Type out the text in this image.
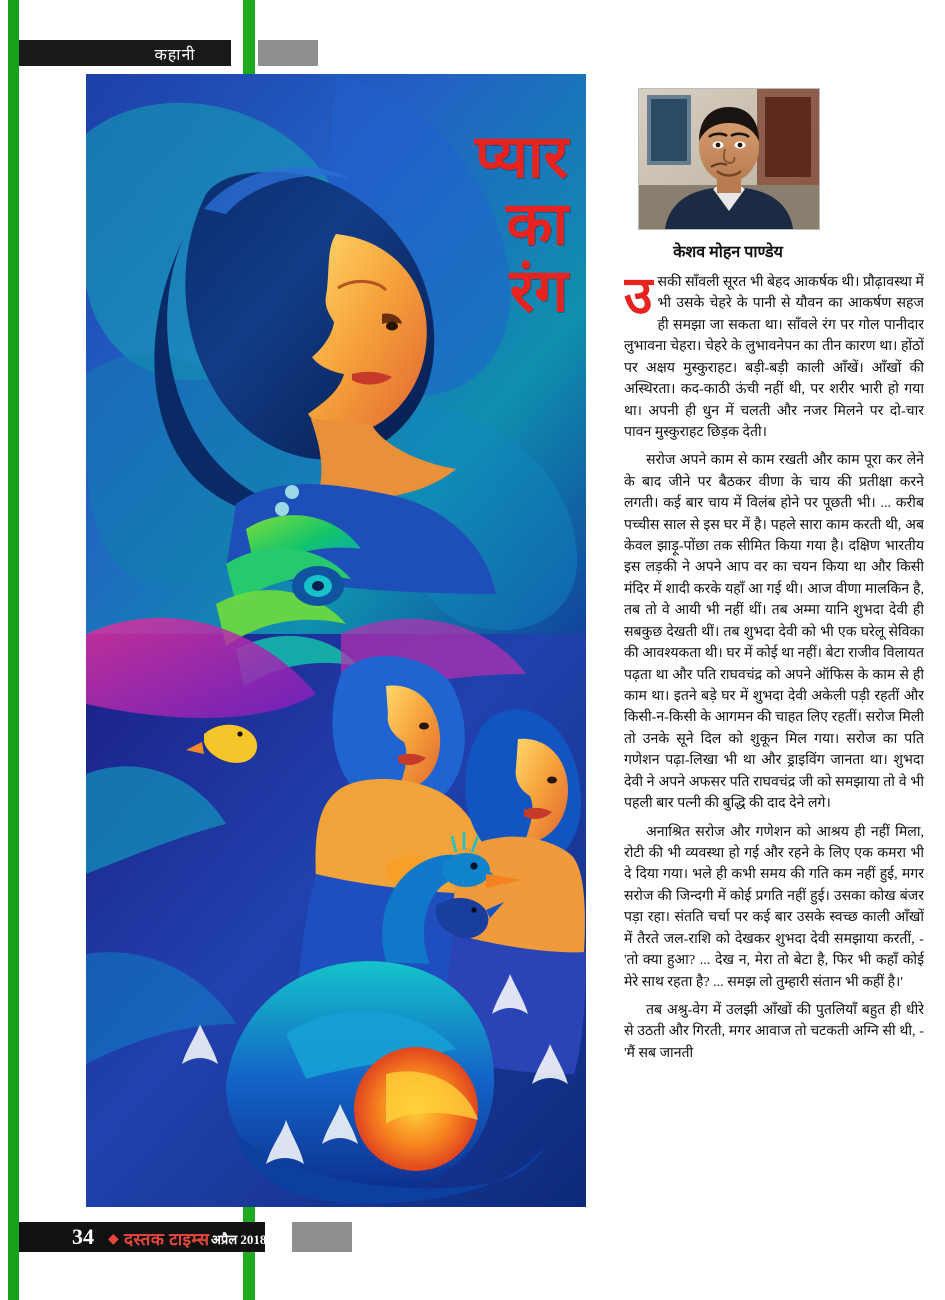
कहानी
प्यार
का
रंग
केशव मोहन पाण्डेय

उसकी साँवली सूरत भी बेहद आकर्षक थी। प्रौढ़ावस्था में भी उसके चेहरे के पानी से यौवन का आकर्षण सहज ही समझा जा सकता था। साँवले रंग पर गोल पानीदार लुभावना चेहरा। चेहरे के लुभावनेपन का तीन कारण था। होंठों पर अक्षय मुस्कुराहट। बड़ी-बड़ी काली आँखें। आँखों की अस्थिरता। कद-काठी ऊंची नहीं थी, पर शरीर भारी हो गया था। अपनी ही धुन में चलती और नजर मिलने पर दो-चार पावन मुस्कुराहट छिड़क देती।

सरोज अपने काम से काम रखती और काम पूरा कर लेने के बाद जीने पर बैठकर वीणा के चाय की प्रतीक्षा करने लगती। कई बार चाय में विलंब होने पर पूछती भी। ... करीब पच्चीस साल से इस घर में है। पहले सारा काम करती थी, अब केवल झाड़ू-पोंछा तक सीमित किया गया है। दक्षिण भारतीय इस लड़की ने अपने आप वर का चयन किया था और किसी मंदिर में शादी करके यहाँ आ गई थी। आज वीणा मालकिन है, तब तो वे आयी भी नहीं थीं। तब अम्मा यानि शुभदा देवी ही सबकुछ देखती थीं। तब शुभदा देवी को भी एक घरेलू सेविका की आवश्यकता थी। घर में कोई था नहीं। बेटा राजीव विलायत पढ़ता था और पति राघवचंद्र को अपने ऑफिस के काम से ही काम था। इतने बड़े घर में शुभदा देवी अकेली पड़ी रहतीं और किसी-न-किसी के आगमन की चाहत लिए रहतीं। सरोज मिली तो उनके सूने दिल को शुकून मिल गया। सरोज का पति गणेशन पढ़ा-लिखा भी था और ड्राइविंग जानता था। शुभदा देवी ने अपने अफसर पति राघवचंद्र जी को समझाया तो वे भी पहली बार पत्नी की बुद्धि की दाद देने लगे।

अनाश्रित सरोज और गणेशन को आश्रय ही नहीं मिला, रोटी की भी व्यवस्था हो गई और रहने के लिए एक कमरा भी दे दिया गया। भले ही कभी समय की गति कम नहीं हुई, मगर सरोज की जिन्दगी में कोई प्रगति नहीं हुई। उसका कोख बंजर पड़ा रहा। संतति चर्चा पर कई बार उसके स्वच्छ काली आँखों में तैरते जल-राशि को देखकर शुभदा देवी समझाया करतीं, - 'तो क्या हुआ? ... देख न, मेरा तो बेटा है, फिर भी कहाँ कोई मेरे साथ रहता है? ... समझ लो तुम्हारी संतान भी कहीं है।'

तब अश्रु-वेग में उलझी आँखों की पुतलियाँ बहुत ही धीरे से उठती और गिरती, मगर आवाज तो चटकती अग्नि सी थी, - 'मैं सब जानती

34 ◆ दस्तक टाइम्स अप्रैल 2018
